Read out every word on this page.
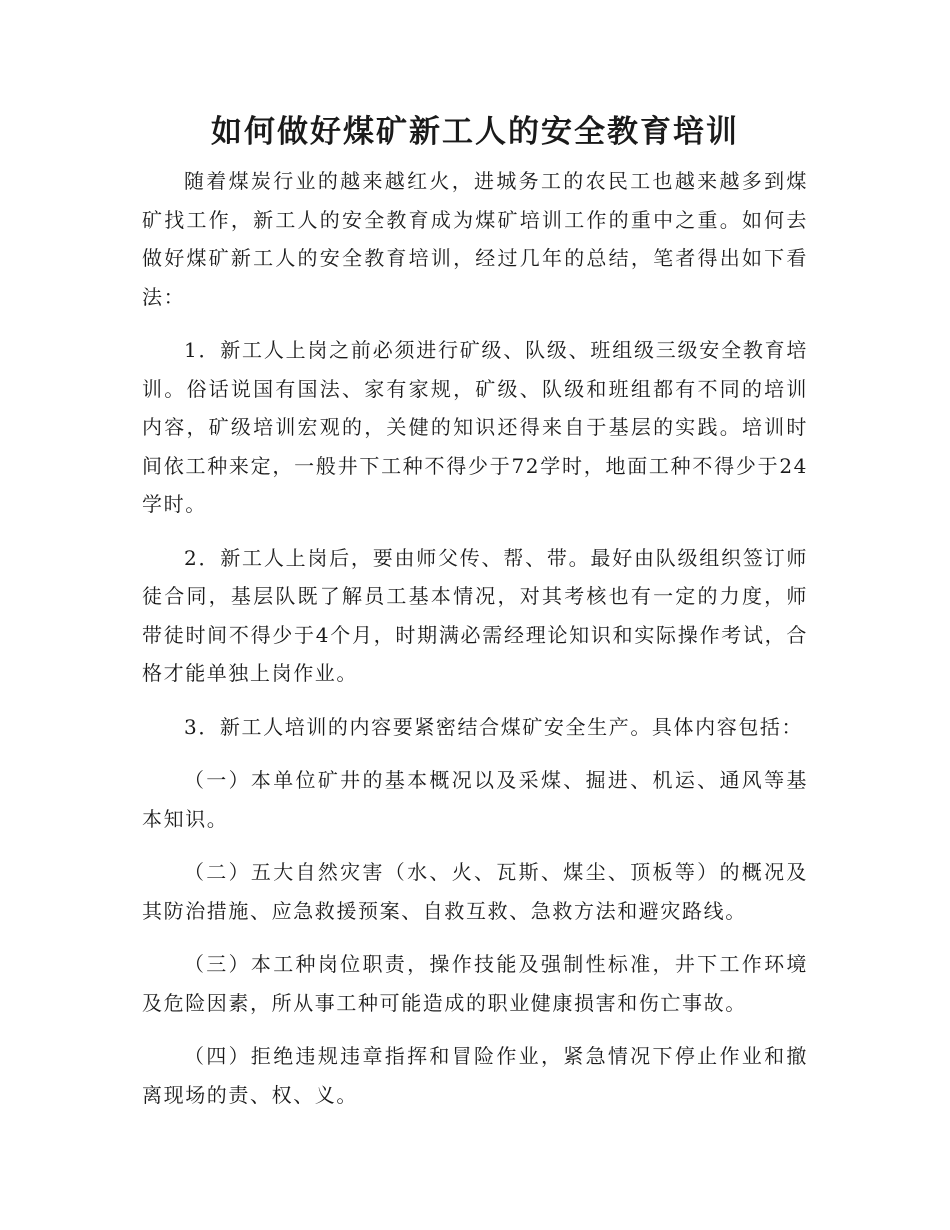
如何做好煤矿新工人的安全教育培训

随着煤炭行业的越来越红火，进城务工的农民工也越来越多到煤矿找工作，新工人的安全教育成为煤矿培训工作的重中之重。如何去做好煤矿新工人的安全教育培训，经过几年的总结，笔者得出如下看法：

1．新工人上岗之前必须进行矿级、队级、班组级三级安全教育培训。俗话说国有国法、家有家规，矿级、队级和班组都有不同的培训内容，矿级培训宏观的，关健的知识还得来自于基层的实践。培训时间依工种来定，一般井下工种不得少于72学时，地面工种不得少于24学时。

2．新工人上岗后，要由师父传、帮、带。最好由队级组织签订师徒合同，基层队既了解员工基本情况，对其考核也有一定的力度，师带徒时间不得少于4个月，时期满必需经理论知识和实际操作考试，合格才能单独上岗作业。

3．新工人培训的内容要紧密结合煤矿安全生产。具体内容包括：

（一）本单位矿井的基本概况以及采煤、掘进、机运、通风等基本知识。

（二）五大自然灾害（水、火、瓦斯、煤尘、顶板等）的概况及其防治措施、应急救援预案、自救互救、急救方法和避灾路线。

（三）本工种岗位职责，操作技能及强制性标准，井下工作环境及危险因素，所从事工种可能造成的职业健康损害和伤亡事故。

（四）拒绝违规违章指挥和冒险作业，紧急情况下停止作业和撤离现场的责、权、义。
